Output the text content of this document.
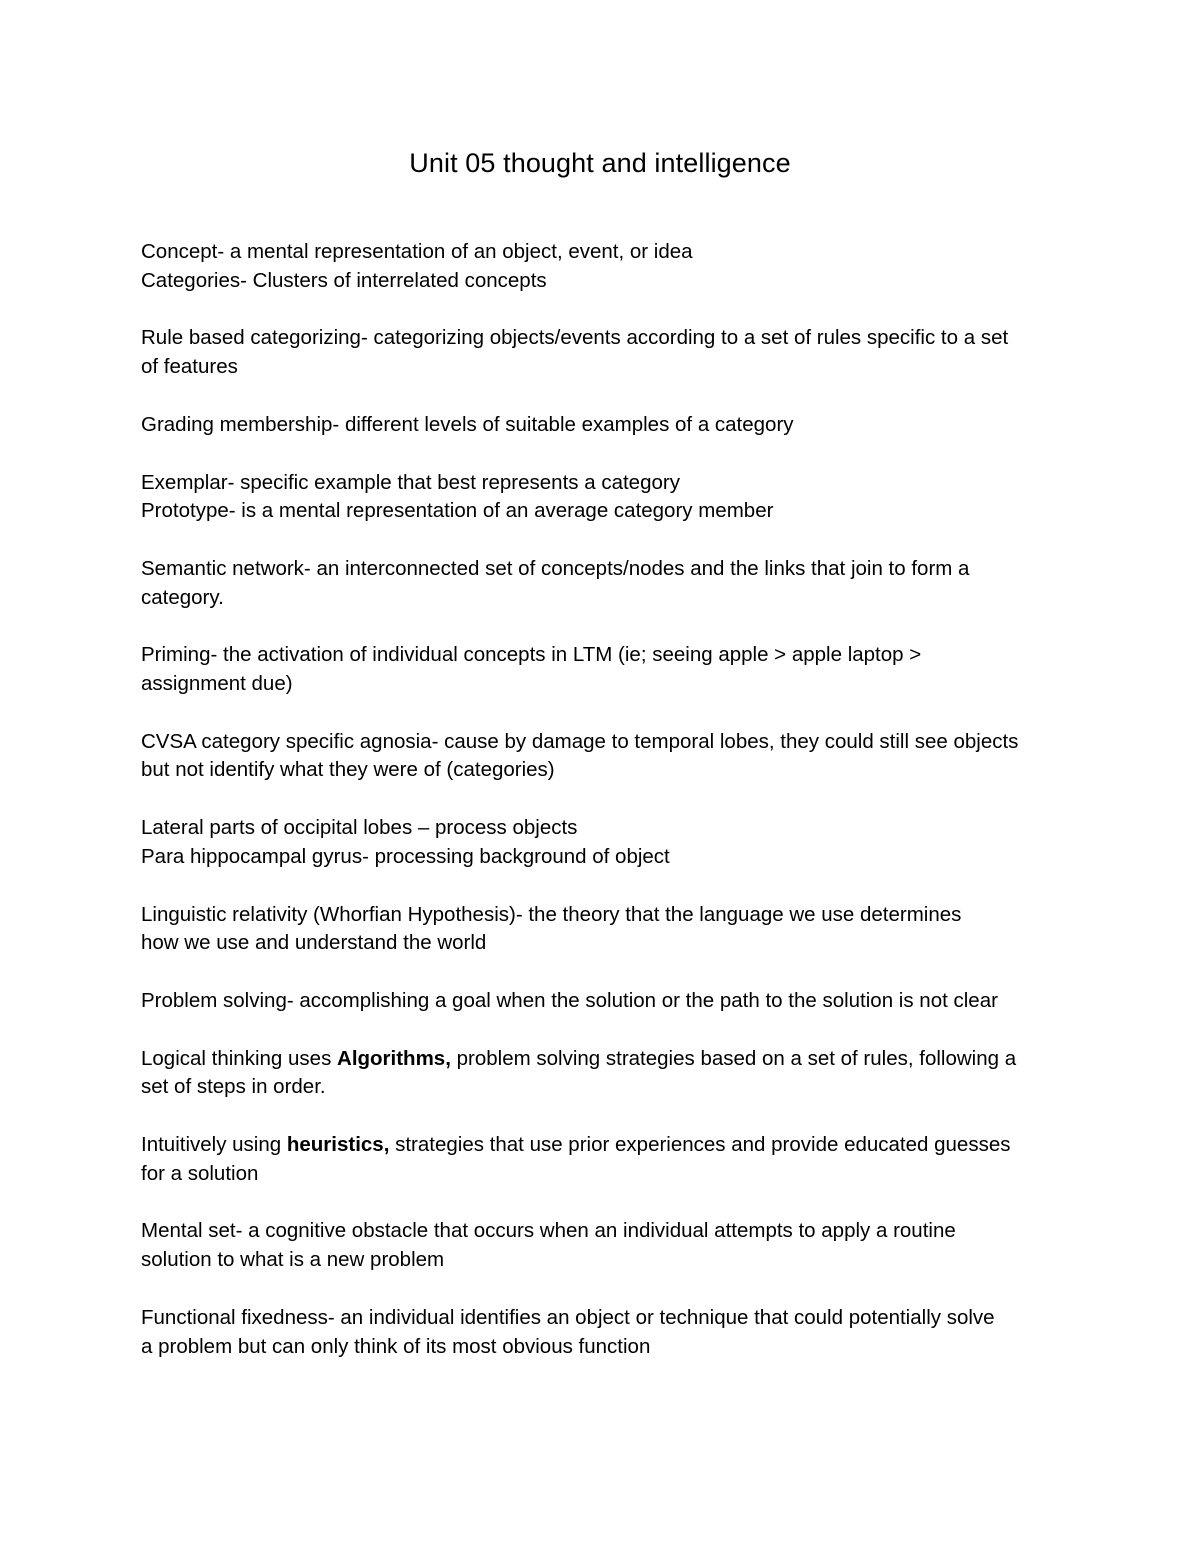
Unit 05 thought and intelligence

Concept- a mental representation of an object, event, or idea
Categories- Clusters of interrelated concepts

Rule based categorizing- categorizing objects/events according to a set of rules specific to a set
of features

Grading membership- different levels of suitable examples of a category

Exemplar- specific example that best represents a category
Prototype- is a mental representation of an average category member

Semantic network- an interconnected set of concepts/nodes and the links that join to form a
category.

Priming- the activation of individual concepts in LTM (ie; seeing apple > apple laptop >
assignment due)

CVSA category specific agnosia- cause by damage to temporal lobes, they could still see objects
but not identify what they were of (categories)

Lateral parts of occipital lobes – process objects
Para hippocampal gyrus- processing background of object

Linguistic relativity (Whorfian Hypothesis)- the theory that the language we use determines
how we use and understand the world

Problem solving- accomplishing a goal when the solution or the path to the solution is not clear

Logical thinking uses Algorithms, problem solving strategies based on a set of rules, following a
set of steps in order.

Intuitively using heuristics, strategies that use prior experiences and provide educated guesses
for a solution

Mental set- a cognitive obstacle that occurs when an individual attempts to apply a routine
solution to what is a new problem

Functional fixedness- an individual identifies an object or technique that could potentially solve
a problem but can only think of its most obvious function
